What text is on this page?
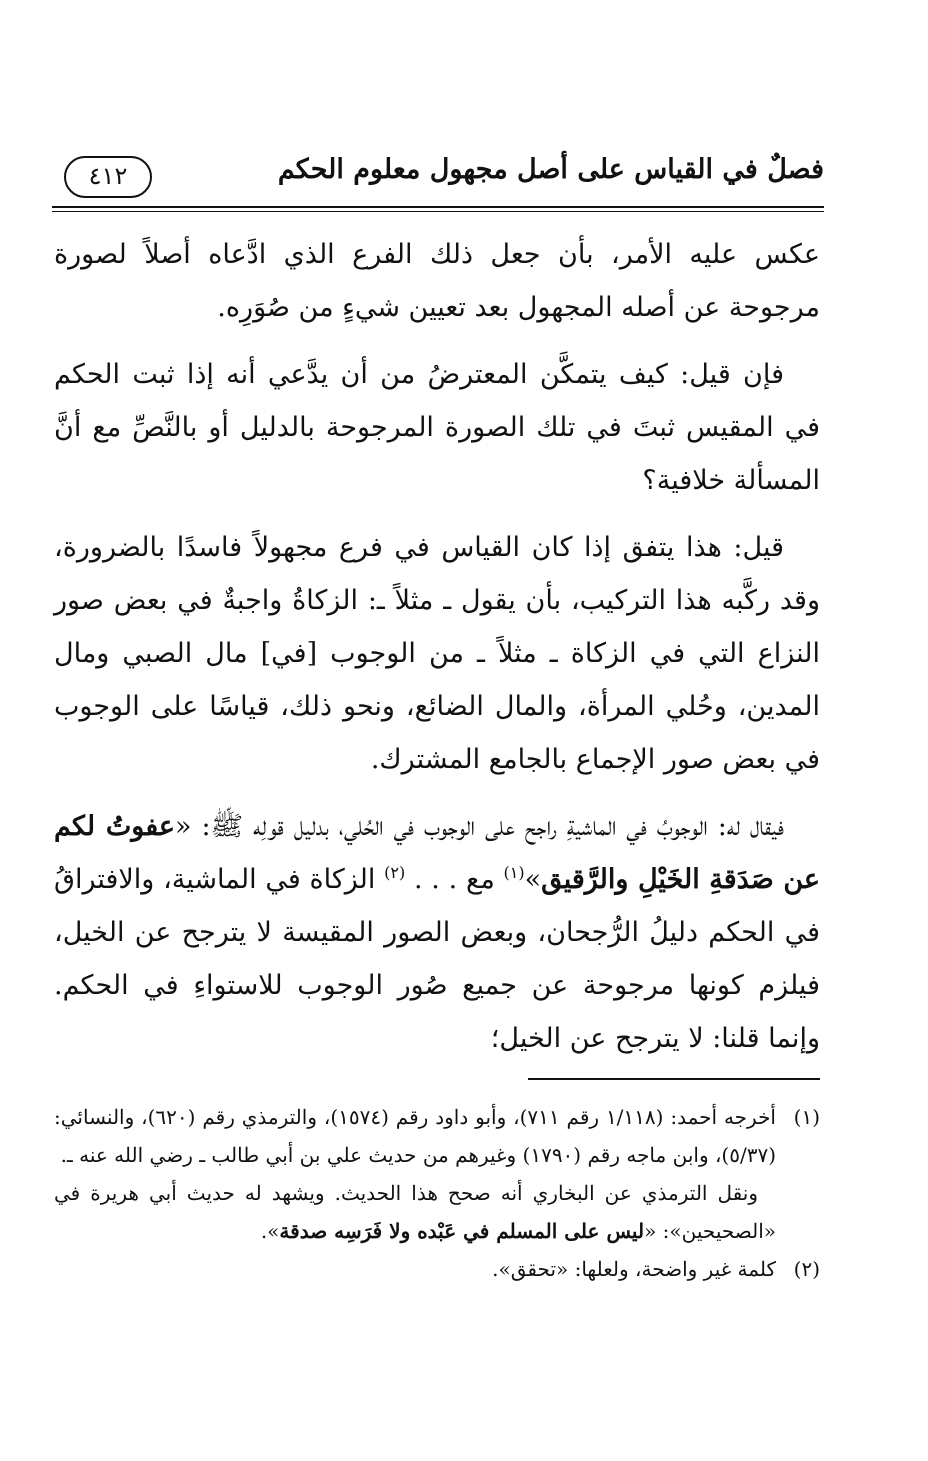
فصلٌ في القياس على أصل مجهول معلوم الحكم
٤١٢

عكس عليه الأمر، بأن جعل ذلك الفرع الذي ادَّعاه أصلاً لصورة مرجوحة عن أصله المجهول بعد تعيين شيءٍ من صُوَرِه.

فإن قيل: كيف يتمكَّن المعترضُ من أن يدَّعي أنه إذا ثبت الحكم في المقيس ثبتَ في تلك الصورة المرجوحة بالدليل أو بالنَّصِّ مع أنَّ المسألة خلافية؟

قيل: هذا يتفق إذا كان القياس في فرع مجهولاً فاسدًا بالضرورة، وقد ركَّبه هذا التركيب، بأن يقول ـ مثلاً ـ: الزكاةُ واجبةٌ في بعض صور النزاع التي في الزكاة ـ مثلاً ـ من الوجوب [في] مال الصبي ومال المدين، وحُلي المرأة، والمال الضائع، ونحو ذلك، قياسًا على الوجوب في بعض صور الإجماع بالجامع المشترك.

فيقال له: الوجوبُ في الماشيةِ راجح على الوجوب في الحُلي، بدليل قولِه ﷺ: «عفوتُ لكم عن صَدَقةِ الخَيْلِ والرَّقيق»$^{(١)}$ مع . . . $^{(٢)}$ الزكاة في الماشية، والافتراقُ في الحكم دليلُ الرُّجحان، وبعض الصور المقيسة لا يترجح عن الخيل، فيلزم كونها مرجوحة عن جميع صُور الوجوب للاستواءِ في الحكم. وإنما قلنا: لا يترجح عن الخيل؛

(١)

أخرجه أحمد: (١/١١٨ رقم ٧١١)، وأبو داود رقم (١٥٧٤)، والترمذي رقم (٦٢٠)، والنسائي: (٥/٣٧)، وابن ماجه رقم (١٧٩٠) وغيرهم من حديث علي بن أبي طالب ـ رضي الله عنه ـ.

ونقل الترمذي عن البخاري أنه صحح هذا الحديث. ويشهد له حديث أبي هريرة في «الصحيحين»: «ليس على المسلم في عَبْده ولا فَرَسِه صدقة».

(٢)

كلمة غير واضحة، ولعلها: «تحقق».
